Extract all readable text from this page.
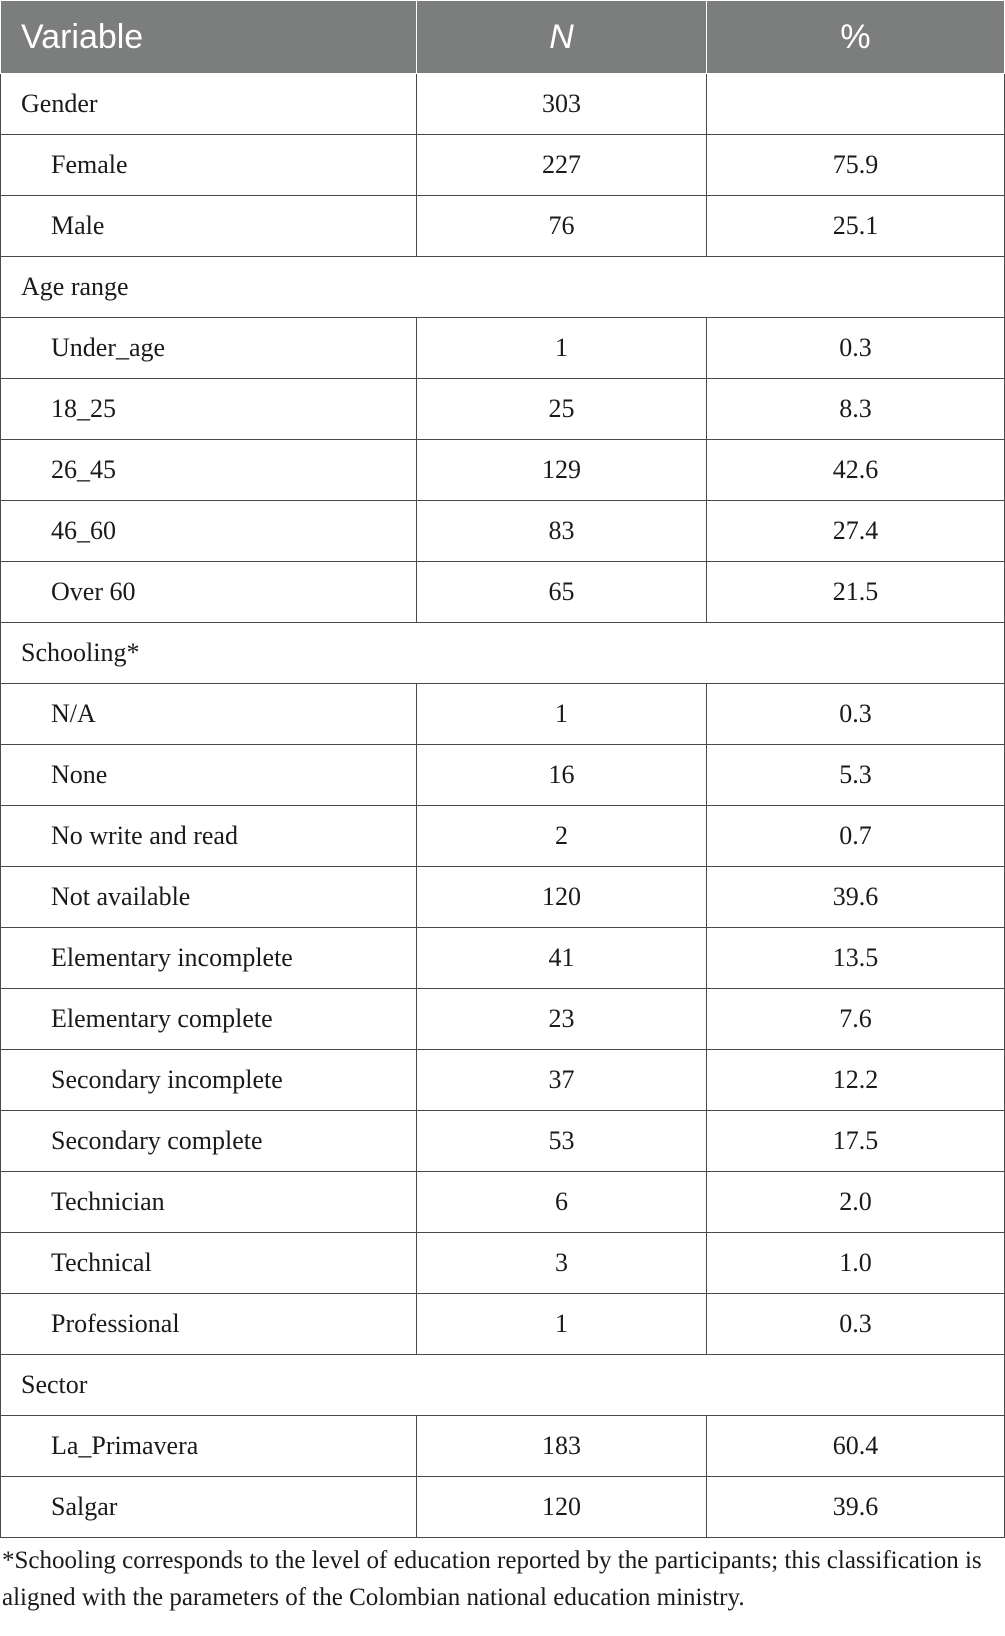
Variable	N	%
Gender	303	
Female	227	75.9
Male	76	25.1
Age range		
Under_age	1	0.3
18_25	25	8.3
26_45	129	42.6
46_60	83	27.4
Over 60	65	21.5
Schooling*		
N/A	1	0.3
None	16	5.3
No write and read	2	0.7
Not available	120	39.6
Elementary incomplete	41	13.5
Elementary complete	23	7.6
Secondary incomplete	37	12.2
Secondary complete	53	17.5
Technician	6	2.0
Technical	3	1.0
Professional	1	0.3
Sector		
La_Primavera	183	60.4
Salgar	120	39.6
*Schooling corresponds to the level of education reported by the participants; this classification is aligned with the parameters of the Colombian national education ministry.
